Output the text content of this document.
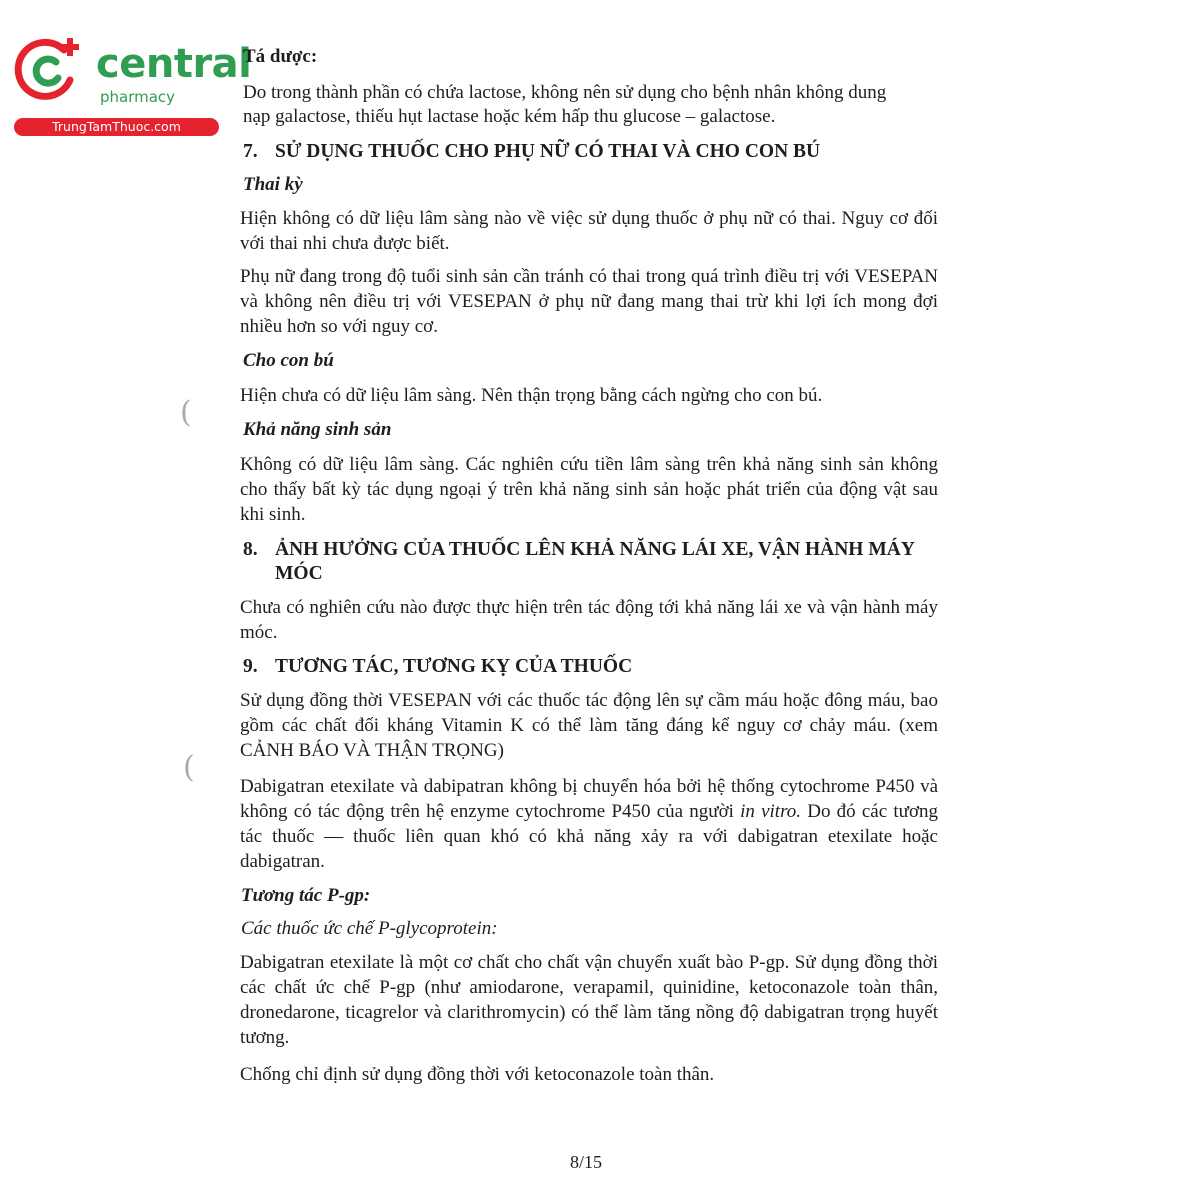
central
pharmacy
TrungTamThuoc.com
Tá dược:
Do trong thành phần có chứa lactose, không nên sử dụng cho bệnh nhân không dung
nạp galactose, thiếu hụt lactase hoặc kém hấp thu glucose – galactose.
7. SỬ DỤNG THUỐC CHO PHỤ NỮ CÓ THAI VÀ CHO CON BÚ
Thai kỳ

Hiện không có dữ liệu lâm sàng nào về việc sử dụng thuốc ở phụ nữ có thai. Nguy cơ đối với thai nhi chưa được biết.

Phụ nữ đang trong độ tuổi sinh sản cần tránh có thai trong quá trình điều trị với VESEPAN và không nên điều trị với VESEPAN ở phụ nữ đang mang thai trừ khi lợi ích mong đợi nhiều hơn so với nguy cơ.

Cho con bú

Hiện chưa có dữ liệu lâm sàng. Nên thận trọng bằng cách ngừng cho con bú.

Khả năng sinh sản

Không có dữ liệu lâm sàng. Các nghiên cứu tiền lâm sàng trên khả năng sinh sản không cho thấy bất kỳ tác dụng ngoại ý trên khả năng sinh sản hoặc phát triển của động vật sau khi sinh.

8. ẢNH HƯỞNG CỦA THUỐC LÊN KHẢ NĂNG LÁI XE, VẬN HÀNH MÁY
MÓC

Chưa có nghiên cứu nào được thực hiện trên tác động tới khả năng lái xe và vận hành máy móc.

9. TƯƠNG TÁC, TƯƠNG KỴ CỦA THUỐC

Sử dụng đồng thời VESEPAN với các thuốc tác động lên sự cầm máu hoặc đông máu, bao gồm các chất đối kháng Vitamin K có thể làm tăng đáng kể nguy cơ chảy máu. (xem CẢNH BÁO VÀ THẬN TRỌNG)

Dabigatran etexilate và dabipatran không bị chuyển hóa bởi hệ thống cytochrome P450 và không có tác động trên hệ enzyme cytochrome P450 của người in vitro. Do đó các tương tác thuốc — thuốc liên quan khó có khả năng xảy ra với dabigatran etexilate hoặc dabigatran.

Tương tác P-gp:
Các thuốc ức chế P-glycoprotein:

Dabigatran etexilate là một cơ chất cho chất vận chuyển xuất bào P-gp. Sử dụng đồng thời các chất ức chế P-gp (như amiodarone, verapamil, quinidine, ketoconazole toàn thân, dronedarone, ticagrelor và clarithromycin) có thể làm tăng nồng độ dabigatran trọng huyết tương.

Chống chỉ định sử dụng đồng thời với ketoconazole toàn thân.

8/15
(
(
